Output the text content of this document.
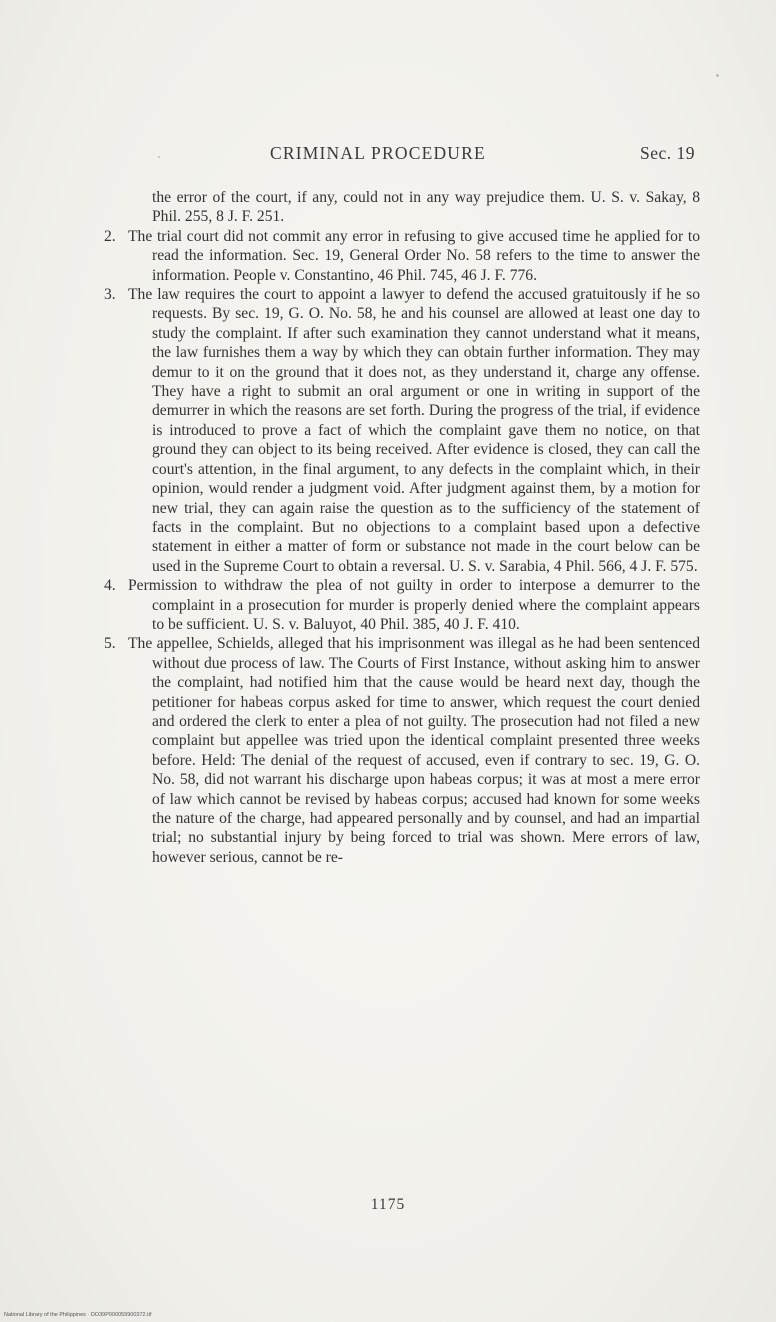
CRIMINAL PROCEDURE	Sec. 19

the error of the court, if any, could not in any way prejudice them. U. S. v. Sakay, 8 Phil. 255, 8 J. F. 251.

2. The trial court did not commit any error in refusing to give accused time he applied for to read the information. Sec. 19, General Order No. 58 refers to the time to answer the information. People v. Constantino, 46 Phil. 745, 46 J. F. 776.
3. The law requires the court to appoint a lawyer to defend the accused gratuitously if he so requests. By sec. 19, G. O. No. 58, he and his counsel are allowed at least one day to study the complaint. If after such examination they cannot understand what it means, the law furnishes them a way by which they can obtain further information. They may demur to it on the ground that it does not, as they understand it, charge any offense. They have a right to submit an oral argument or one in writing in support of the demurrer in which the reasons are set forth. During the progress of the trial, if evidence is introduced to prove a fact of which the complaint gave them no notice, on that ground they can object to its being received. After evidence is closed, they can call the court's attention, in the final argument, to any defects in the complaint which, in their opinion, would render a judgment void. After judgment against them, by a motion for new trial, they can again raise the question as to the sufficiency of the statement of facts in the complaint. But no objections to a complaint based upon a defective statement in either a matter of form or substance not made in the court below can be used in the Supreme Court to obtain a reversal. U. S. v. Sarabia, 4 Phil. 566, 4 J. F. 575.
4. Permission to withdraw the plea of not guilty in order to interpose a demurrer to the complaint in a prosecution for murder is properly denied where the complaint appears to be sufficient. U. S. v. Baluyot, 40 Phil. 385, 40 J. F. 410.
5. The appellee, Schields, alleged that his imprisonment was illegal as he had been sentenced without due process of law. The Courts of First Instance, without asking him to answer the complaint, had notified him that the cause would be heard next day, though the petitioner for habeas corpus asked for time to answer, which request the court denied and ordered the clerk to enter a plea of not guilty. The prosecution had not filed a new complaint but appellee was tried upon the identical complaint presented three weeks before. Held: The denial of the request of accused, even if contrary to sec. 19, G. O. No. 58, did not warrant his discharge upon habeas corpus; it was at most a mere error of law which cannot be revised by habeas corpus; accused had known for some weeks the nature of the charge, had appeared personally and by counsel, and had an impartial trial; no substantial injury by being forced to trial was shown. Mere errors of law, however serious, cannot be re-
1175
National Library of the Philippines · DO39P000059900372.tif
